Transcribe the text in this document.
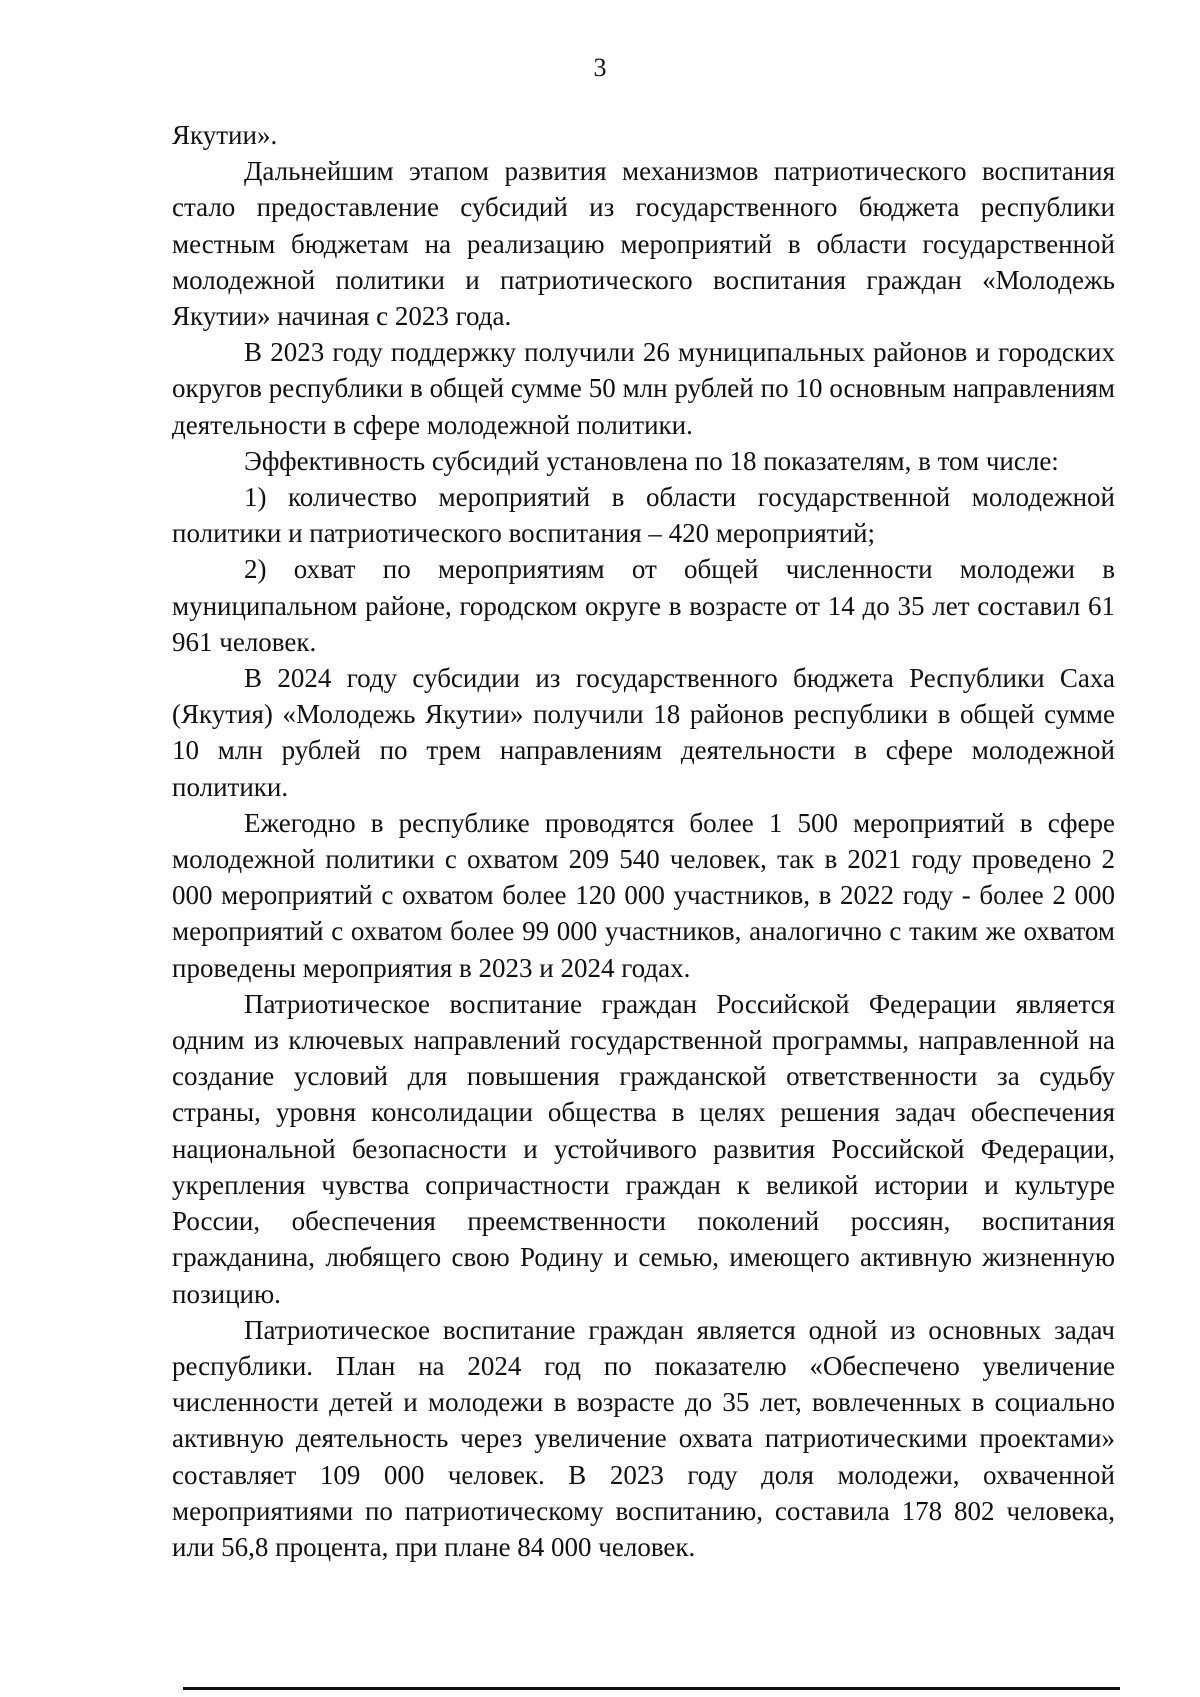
3

Якутии».

Дальнейшим этапом развития механизмов патриотического воспитания стало предоставление субсидий из государственного бюджета республики местным бюджетам на реализацию мероприятий в области государственной молодежной политики и патриотического воспитания граждан «Молодежь Якутии» начиная с 2023 года.

В 2023 году поддержку получили 26 муниципальных районов и городских округов республики в общей сумме 50 млн рублей по 10 основным направлениям деятельности в сфере молодежной политики.

Эффективность субсидий установлена по 18 показателям, в том числе:

1) количество мероприятий в области государственной молодежной политики и патриотического воспитания – 420 мероприятий;

2) охват по мероприятиям от общей численности молодежи в муниципальном районе, городском округе в возрасте от 14 до 35 лет составил 61 961 человек.

В 2024 году субсидии из государственного бюджета Республики Саха (Якутия) «Молодежь Якутии» получили 18 районов республики в общей сумме 10 млн рублей по трем направлениям деятельности в сфере молодежной политики.

Ежегодно в республике проводятся более 1 500 мероприятий в сфере молодежной политики с охватом 209 540 человек, так в 2021 году проведено 2 000 мероприятий с охватом более 120 000 участников, в 2022 году - более 2 000 мероприятий с охватом более 99 000 участников, аналогично с таким же охватом проведены мероприятия в 2023 и 2024 годах.

Патриотическое воспитание граждан Российской Федерации является одним из ключевых направлений государственной программы, направленной на создание условий для повышения гражданской ответственности за судьбу страны, уровня консолидации общества в целях решения задач обеспечения национальной безопасности и устойчивого развития Российской Федерации, укрепления чувства сопричастности граждан к великой истории и культуре России, обеспечения преемственности поколений россиян, воспитания гражданина, любящего свою Родину и семью, имеющего активную жизненную позицию.

Патриотическое воспитание граждан является одной из основных задач республики. План на 2024 год по показателю «Обеспечено увеличение численности детей и молодежи в возрасте до 35 лет, вовлеченных в социально активную деятельность через увеличение охвата патриотическими проектами» составляет 109 000 человек. В 2023 году доля молодежи, охваченной мероприятиями по патриотическому воспитанию, составила 178 802 человека, или 56,8 процента, при плане 84 000 человек.
